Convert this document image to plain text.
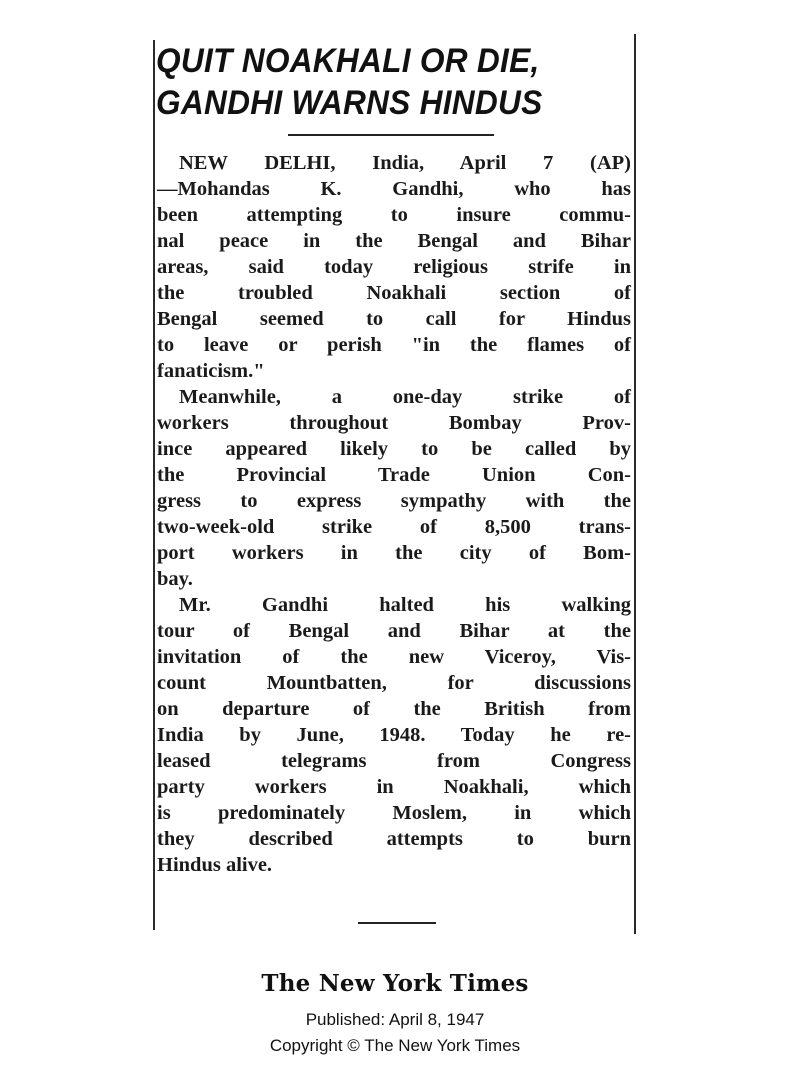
QUIT NOAKHALI OR DIE,
GANDHI WARNS HINDUS
NEW DELHI, India, April 7 (AP)
—Mohandas K. Gandhi, who has
been attempting to insure commu-
nal peace in the Bengal and Bihar
areas, said today religious strife in
the troubled Noakhali section of
Bengal seemed to call for Hindus
to leave or perish "in the flames of
fanaticism."
Meanwhile, a one-day strike of
workers throughout Bombay Prov-
ince appeared likely to be called by
the Provincial Trade Union Con-
gress to express sympathy with the
two-week-old strike of 8,500 trans-
port workers in the city of Bom-
bay.
Mr. Gandhi halted his walking
tour of Bengal and Bihar at the
invitation of the new Viceroy, Vis-
count Mountbatten, for discussions
on departure of the British from
India by June, 1948. Today he re-
leased telegrams from Congress
party workers in Noakhali, which
is predominately Moslem, in which
they described attempts to burn
Hindus alive.
The New York Times
Published: April 8, 1947
Copyright © The New York Times
